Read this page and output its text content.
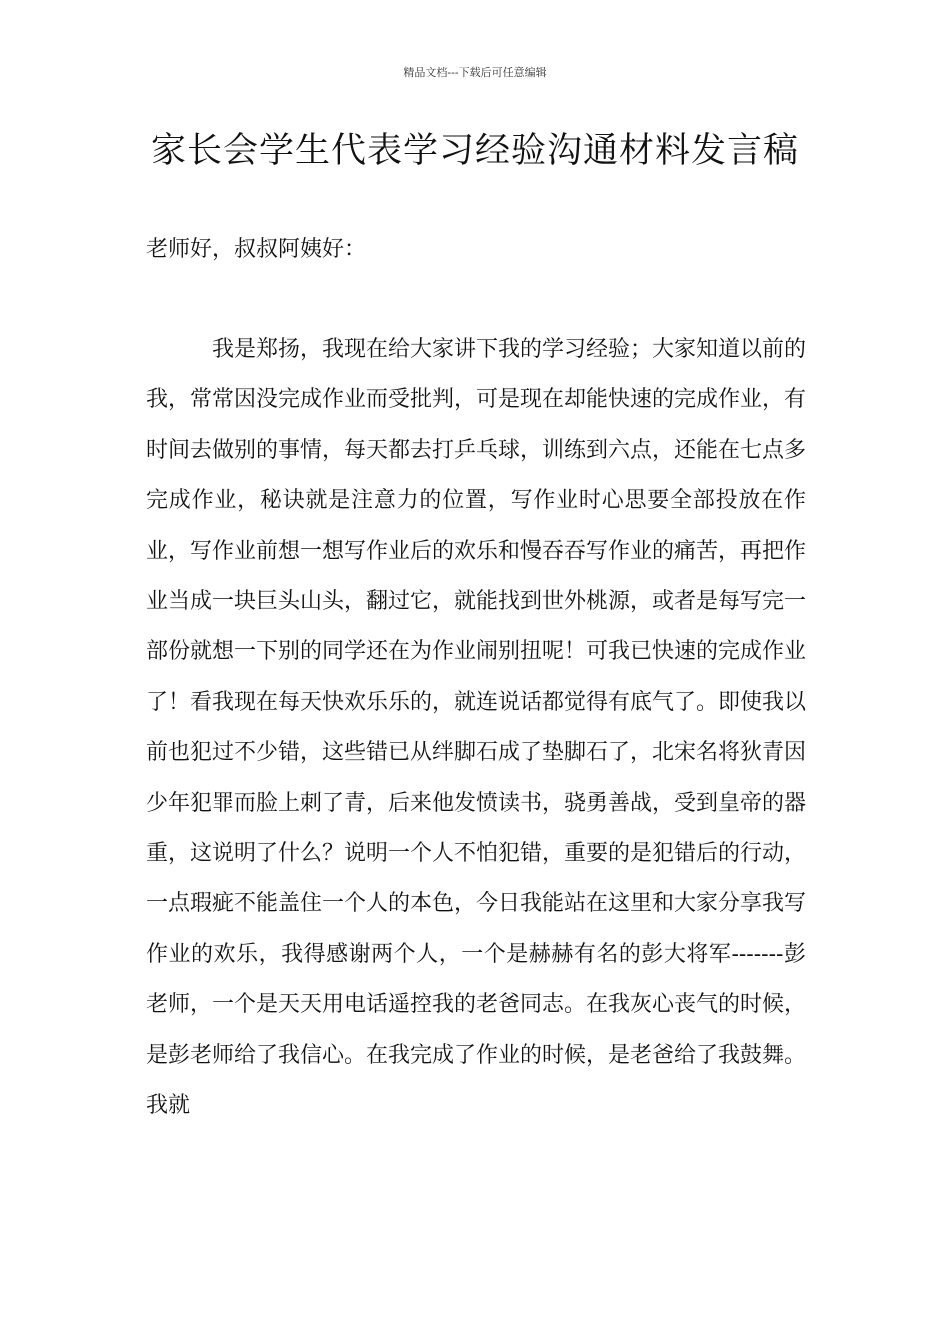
精品文档---下载后可任意编辑
家长会学生代表学习经验沟通材料发言稿

老师好，叔叔阿姨好：

我是郑扬，我现在给大家讲下我的学习经验；大家知道以前的我，常常因没完成作业而受批判，可是现在却能快速的完成作业，有时间去做别的事情，每天都去打乒乓球，训练到六点，还能在七点多完成作业，秘诀就是注意力的位置，写作业时心思要全部投放在作业，写作业前想一想写作业后的欢乐和慢吞吞写作业的痛苦，再把作业当成一块巨头山头，翻过它，就能找到世外桃源，或者是每写完一部份就想一下别的同学还在为作业闹别扭呢！可我已快速的完成作业了！看我现在每天快欢乐乐的，就连说话都觉得有底气了。即使我以前也犯过不少错，这些错已从绊脚石成了垫脚石了，北宋名将狄青因少年犯罪而脸上刺了青，后来他发愤读书，骁勇善战，受到皇帝的器重，这说明了什么？说明一个人不怕犯错，重要的是犯错后的行动，一点瑕疵不能盖住一个人的本色，今日我能站在这里和大家分享我写作业的欢乐，我得感谢两个人，一个是赫赫有名的彭大将军-------彭老师，一个是天天用电话遥控我的老爸同志。在我灰心丧气的时候，是彭老师给了我信心。在我完成了作业的时候，是老爸给了我鼓舞。我就
